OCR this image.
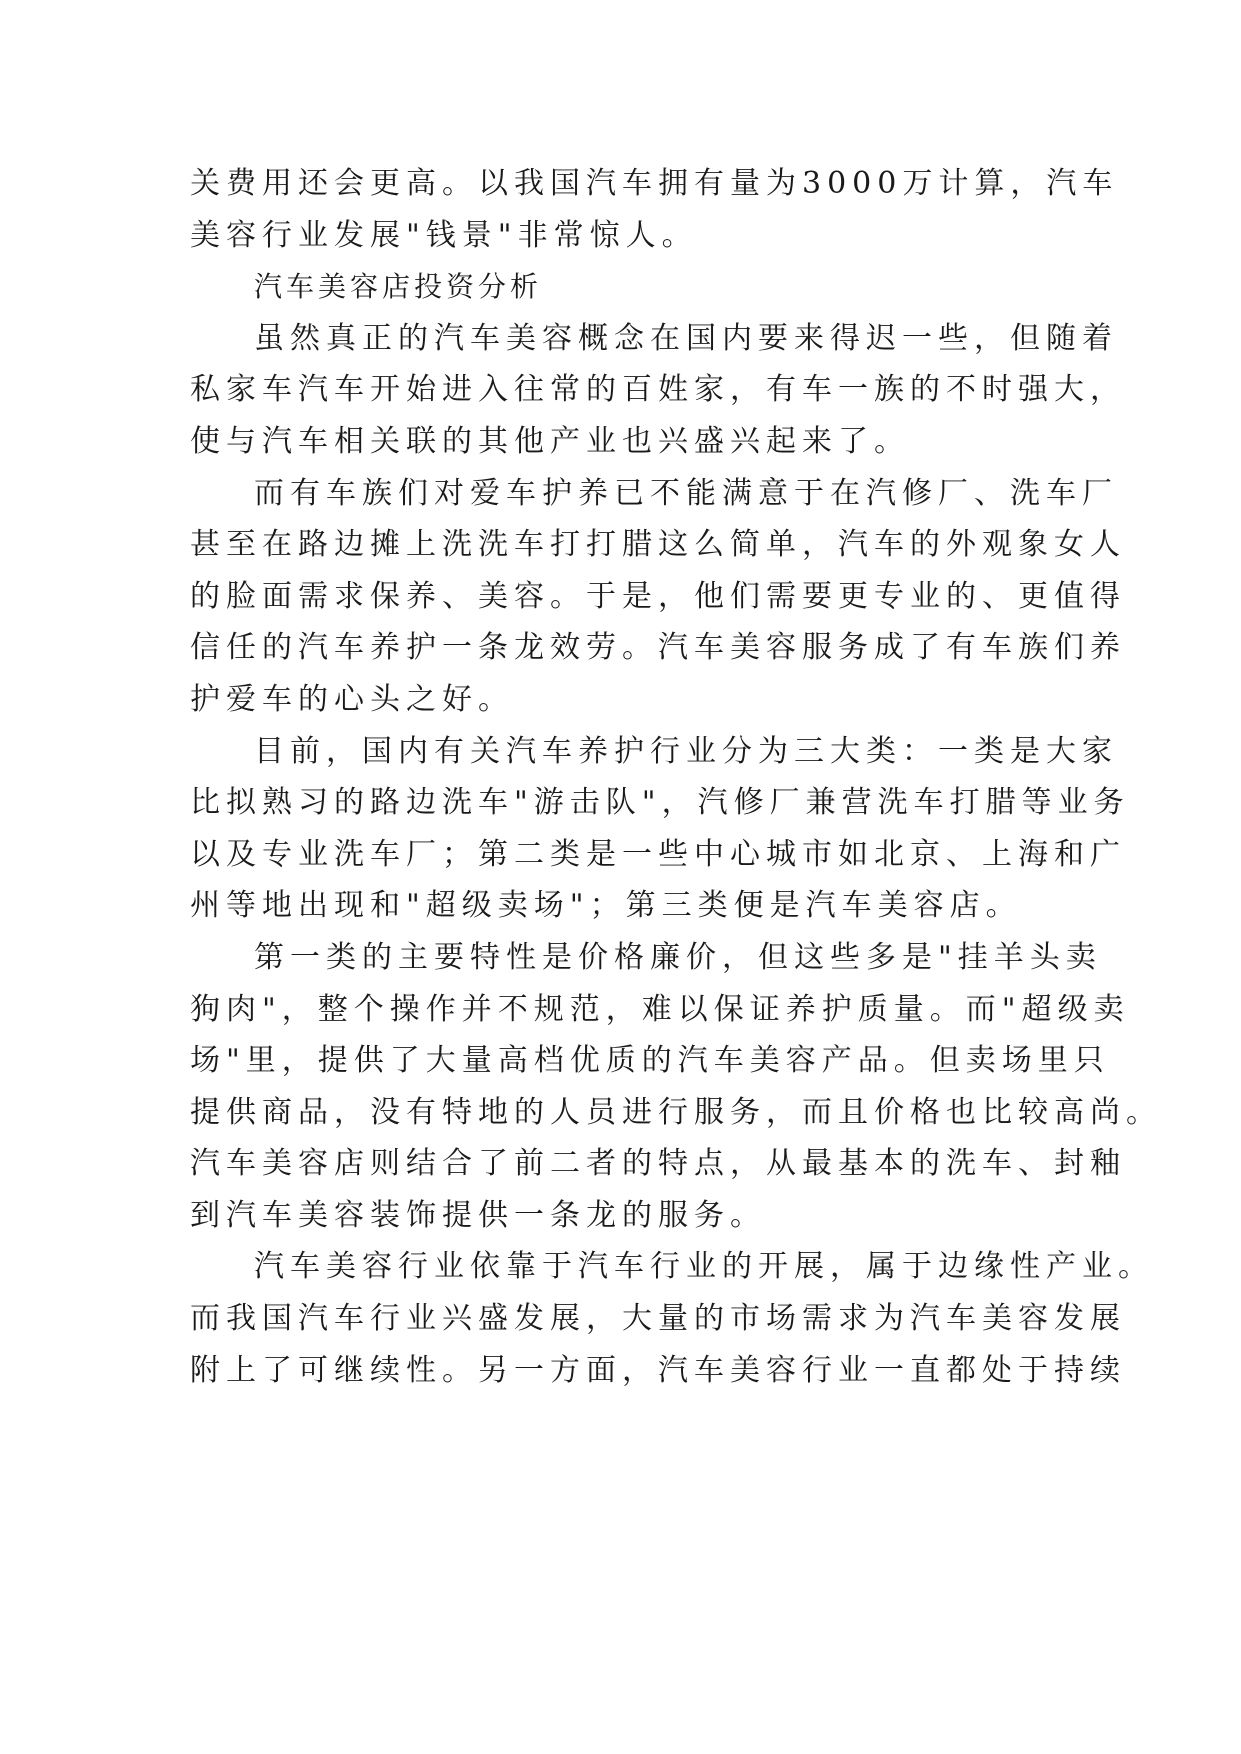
关费用还会更高。以我国汽车拥有量为3000万计算，汽车
美容行业发展"钱景"非常惊人。
汽车美容店投资分析
虽然真正的汽车美容概念在国内要来得迟一些，但随着
私家车汽车开始进入往常的百姓家，有车一族的不时强大，
使与汽车相关联的其他产业也兴盛兴起来了。
而有车族们对爱车护养已不能满意于在汽修厂、洗车厂
甚至在路边摊上洗洗车打打腊这么简单，汽车的外观象女人
的脸面需求保养、美容。于是，他们需要更专业的、更值得
信任的汽车养护一条龙效劳。汽车美容服务成了有车族们养
护爱车的心头之好。
目前，国内有关汽车养护行业分为三大类：一类是大家
比拟熟习的路边洗车"游击队"，汽修厂兼营洗车打腊等业务
以及专业洗车厂；第二类是一些中心城市如北京、上海和广
州等地出现和"超级卖场"；第三类便是汽车美容店。
第一类的主要特性是价格廉价，但这些多是"挂羊头卖
狗肉"，整个操作并不规范，难以保证养护质量。而"超级卖
场"里，提供了大量高档优质的汽车美容产品。但卖场里只
提供商品，没有特地的人员进行服务，而且价格也比较高尚。
汽车美容店则结合了前二者的特点，从最基本的洗车、封釉
到汽车美容装饰提供一条龙的服务。
汽车美容行业依靠于汽车行业的开展，属于边缘性产业。
而我国汽车行业兴盛发展，大量的市场需求为汽车美容发展
附上了可继续性。另一方面，汽车美容行业一直都处于持续
